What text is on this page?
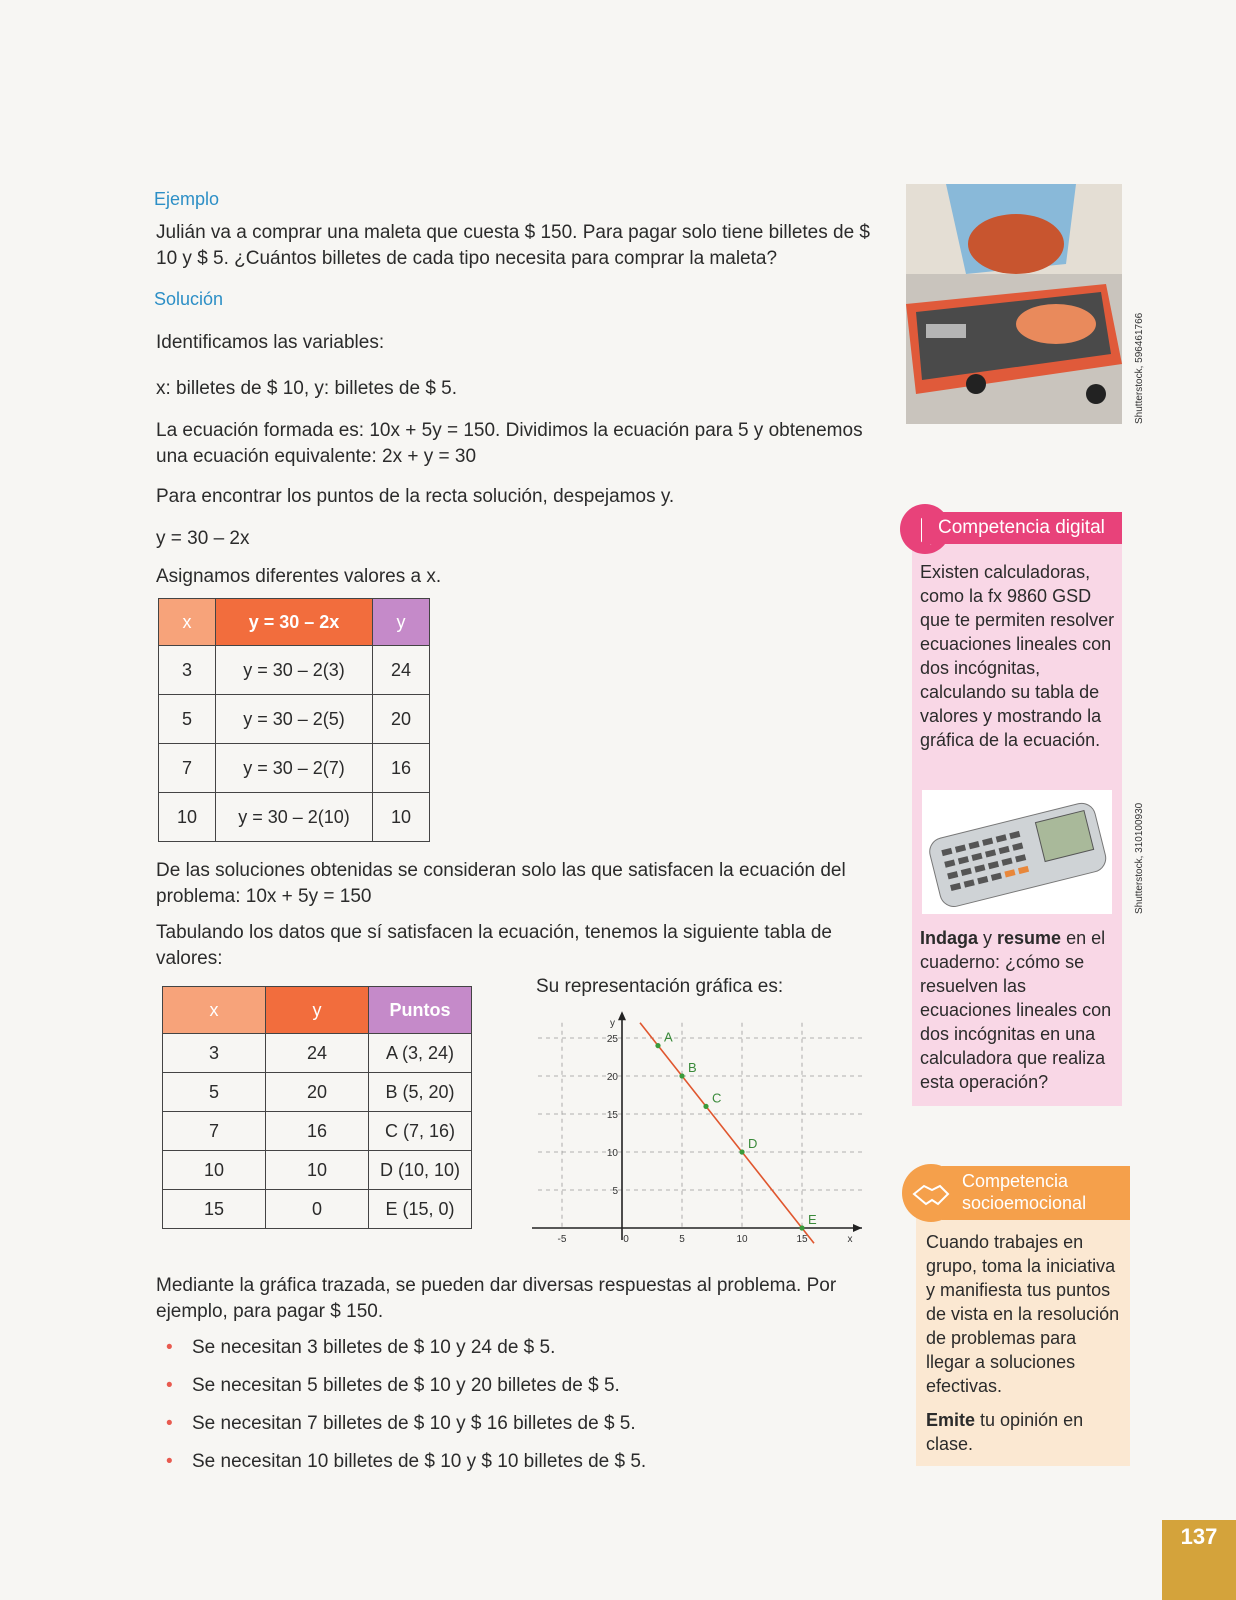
Ejemplo

Julián va a comprar una maleta que cuesta $ 150. Para pagar solo tiene billetes de $ 10 y $ 5. ¿Cuántos billetes de cada tipo necesita para comprar la maleta?

Solución

Identificamos las variables:

x: billetes de $ 10, y: billetes de $ 5.

La ecuación formada es: 10x + 5y = 150. Dividimos la ecuación para 5 y obtenemos una ecuación equivalente: 2x + y = 30

Para encontrar los puntos de la recta solución, despejamos y.

y = 30 – 2x

Asignamos diferentes valores a x.

x	y = 30 – 2x	y
3	y = 30 – 2(3)	24
5	y = 30 – 2(5)	20
7	y = 30 – 2(7)	16
10	y = 30 – 2(10)	10

De las soluciones obtenidas se consideran solo las que satisfacen la ecuación del problema: 10x + 5y = 150

Tabulando los datos que sí satisfacen la ecuación, tenemos la siguiente tabla de valores:

x	y	Puntos
3	24	A (3, 24)
5	20	B (5, 20)
7	16	C (7, 16)
10	10	D (10, 10)
15	0	E (15, 0)

Mediante la gráfica trazada, se pueden dar diversas respuestas al problema. Por ejemplo, para pagar $ 150.

• Se necesitan 3 billetes de $ 10 y 24 de $ 5.
• Se necesitan 5 billetes de $ 10 y 20 billetes de $ 5.
• Se necesitan 7 billetes de $ 10 y $ 16 billetes de $ 5.
• Se necesitan 10 billetes de $ 10 y $ 10 billetes de $ 5.
Su representación gráfica es:
-5	0	5	10	15	x
5
10
15
20
25
y
A
B
C
D
E
Shutterstock, 596461766
Competencia digital
Existen calculadoras, como la fx 9860 GSD que te permiten resolver ecuaciones lineales con dos incógnitas, calculando su tabla de valores y mostrando la gráfica de la ecuación.
Shutterstock, 310100930
Indaga y resume en el cuaderno: ¿cómo se resuelven las ecuaciones lineales con dos incógnitas en una calculadora que realiza esta operación?
Competencia
socioemocional
Cuando trabajes en grupo, toma la iniciativa y manifiesta tus puntos de vista en la resolución de problemas para llegar a soluciones efectivas.
Emite tu opinión en clase.
137
